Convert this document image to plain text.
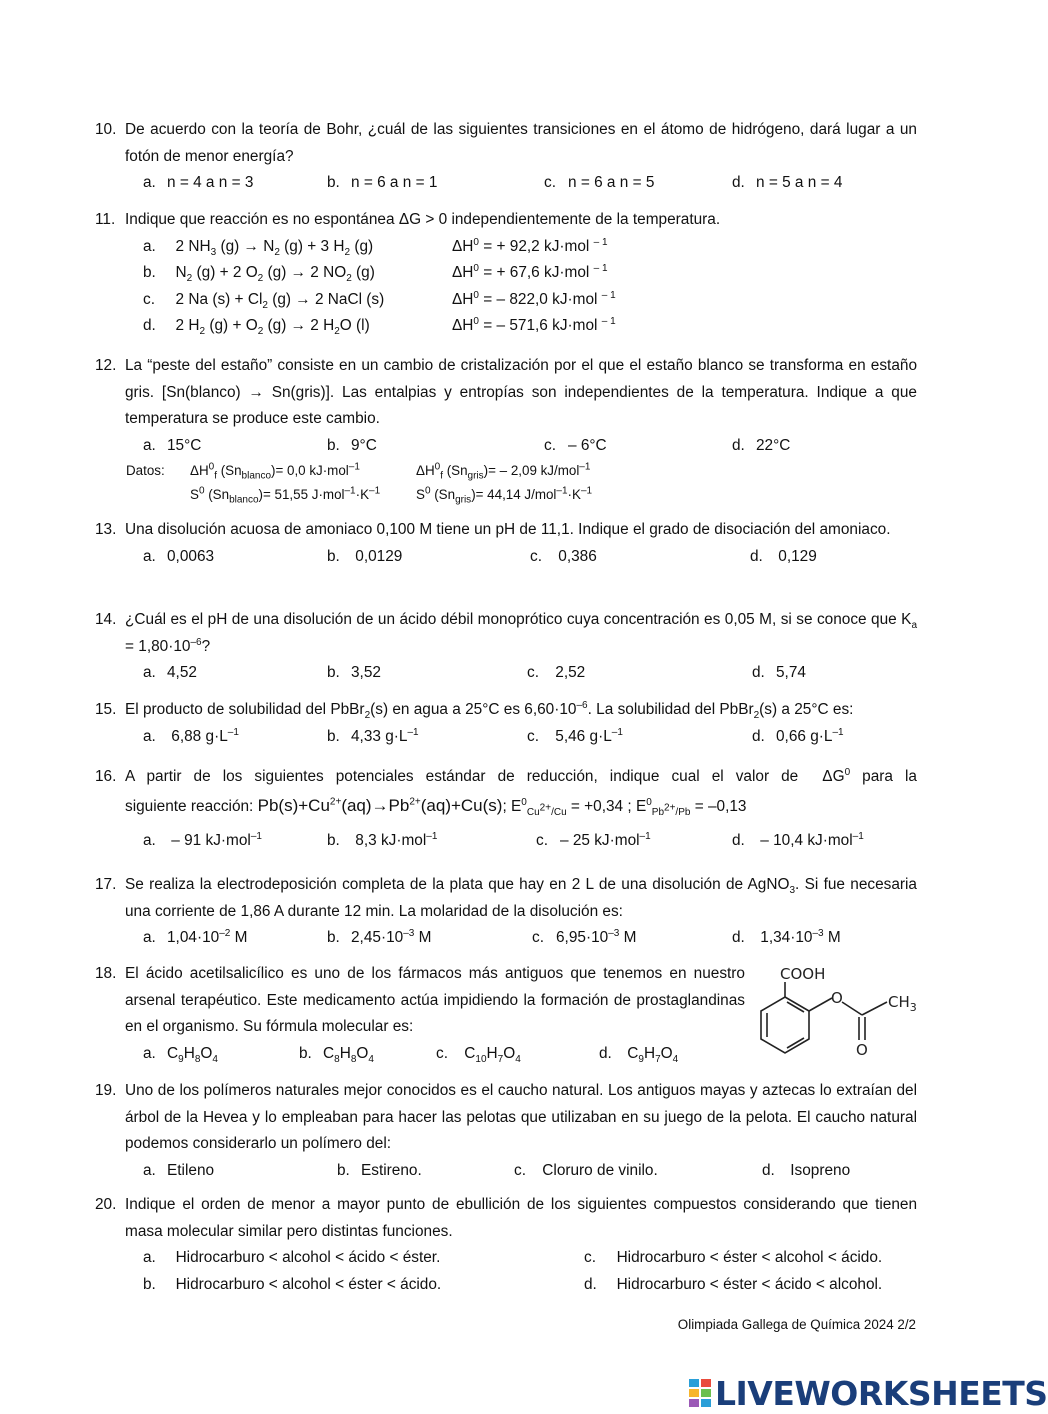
10. De acuerdo con la teoría de Bohr, ¿cuál de las siguientes transiciones en el átomo de hidrógeno, dará lugar a un fotón de menor energía?
a. n = 4 a n = 3	b. n = 6 a n = 1	c. n = 6 a n = 5	d. n = 5 a n = 4
11. Indique que reacción es no espontánea ΔG > 0 independientemente de la temperatura.
a.  2 $NH_3$ $(g) \to N_2$ (g) + 3 $H_2$ (g)	$\Delta H^0$ = + 92,2 kJ·mol $^{- 1}$
b.  $N_2$ (g) + 2 $O_2$ (g) → 2 $NO_2$ (g)	$\Delta H^0$ = + 67,6 kJ·mol $^{- 1}$
c.  2 Na $(s) + Cl_2$ (g) → 2 NaCl (s)	$\Delta H^0$ = – 822,0 kJ·mol $^{- 1}$
d.  2 $H_2$ $(g) + O_2$ (g) → 2 $H_2O$ (l)	$\Delta H^0$ = – 571,6 kJ·mol $^{- 1}$
12. La “peste del estaño” consiste en un cambio de cristalización por el que el estaño blanco se transforma en estaño gris. [Sn(blanco) → Sn(gris)]. Las entalpias y entropías son independientes de la temperatura. Indique a que temperatura se produce este cambio.
a. 15°C	b. 9°C	c. – 6°C	d. 22°C
Datos: $\Delta H^0_f$ $(Sn_{blanco})= 0,0$ kJ·mol$^{-1}$	$\Delta H^0_f$ $(Sn_{gris})= - 2,09$ kJ/mol$^{-1}$
$S^0$ $(Sn_{blanco})= 51,55$ $J\cdot mol^{-1}\cdot K^{-1}$	$S^0$ $(Sn_{gris})= 44,14$ $J/mol^{-1}\cdot K^{-1}$
13. Una disolución acuosa de amoniaco 0,100 M tiene un pH de 11,1. Indique el grado de disociación del amoniaco.
a. 0,0063	b. 0,0129	c. 0,386	d. 0,129
14. ¿Cuál es el pH de una disolución de un ácido débil monoprótico cuya concentración es 0,05 M, si se conoce que $K_a = 1,80\cdot 10^{-6}$?
a. 4,52	b. 3,52	c. 2,52	d. 5,74
15. El producto de solubilidad del PbBr$_2$(s) en agua a 25°C es $6,60\cdot 10^{-6}$. La solubilidad del PbBr$_2$(s) a 25°C es:
a. 6,88 $g\cdot L^{-1}$	b. 4,33 $g\cdot L^{-1}$	c. 5,46 $g\cdot L^{-1}$	d. 0,66 $g\cdot L^{-1}$
16. A partir de los siguientes potenciales estándar de reducción, indique cual el valor de  $\Delta G^0$ para la
siguiente reacción: $Pb(s)+Cu^{2+}(aq)\to Pb^{2+}(aq)+Cu(s)$; $E^0_{Cu^{2+}/Cu} = +0,34$ ; $E^0_{Pb^{2+}/Pb} = -0,13$
a. – 91 kJ·mol$^{-1}$	b. 8,3 kJ·mol$^{-1}$	c. – 25 kJ·mol$^{-1}$	d. – 10,4 kJ·mol$^{-1}$
17. Se realiza la electrodeposición completa de la plata que hay en 2 L de una disolución de AgNO$_3$. Si fue necesaria una corriente de 1,86 A durante 12 min. La molaridad de la disolución es:
a. $1,04\cdot 10^{-2}$ M	b. $2,45\cdot 10^{-3}$ M	c. $6,95\cdot 10^{-3}$ M	d. $1,34\cdot 10^{-3}$ M
18. El ácido acetilsalicílico es uno de los fármacos más antiguos que tenemos en nuestro arsenal terapéutico. Este medicamento actúa impidiendo la formación de prostaglandinas en el organismo. Su fórmula molecular es:
a. $C_9H_8O_4$	b. $C_8H_8O_4$	c. $C_{10}H_7O_4$	d. $C_9H_7O_4$
COOH
O	$CH_3$
O
19. Uno de los polímeros naturales mejor conocidos es el caucho natural. Los antiguos mayas y aztecas lo extraían del árbol de la Hevea y lo empleaban para hacer las pelotas que utilizaban en su juego de la pelota. El caucho natural podemos considerarlo un polímero del:
a. Etileno	b. Estireno.	c. Cloruro de vinilo.	d. Isopreno
20. Indique el orden de menor a mayor punto de ebullición de los siguientes compuestos considerando que tienen masa molecular similar pero distintas funciones.
a. Hidrocarburo < alcohol < ácido < éster.	c. Hidrocarburo < éster < alcohol < ácido.
b. Hidrocarburo < alcohol < éster < ácido.	d. Hidrocarburo < éster < ácido < alcohol.
Olimpiada Gallega de Química 2024 2/2
LIVEWORKSHEETS
